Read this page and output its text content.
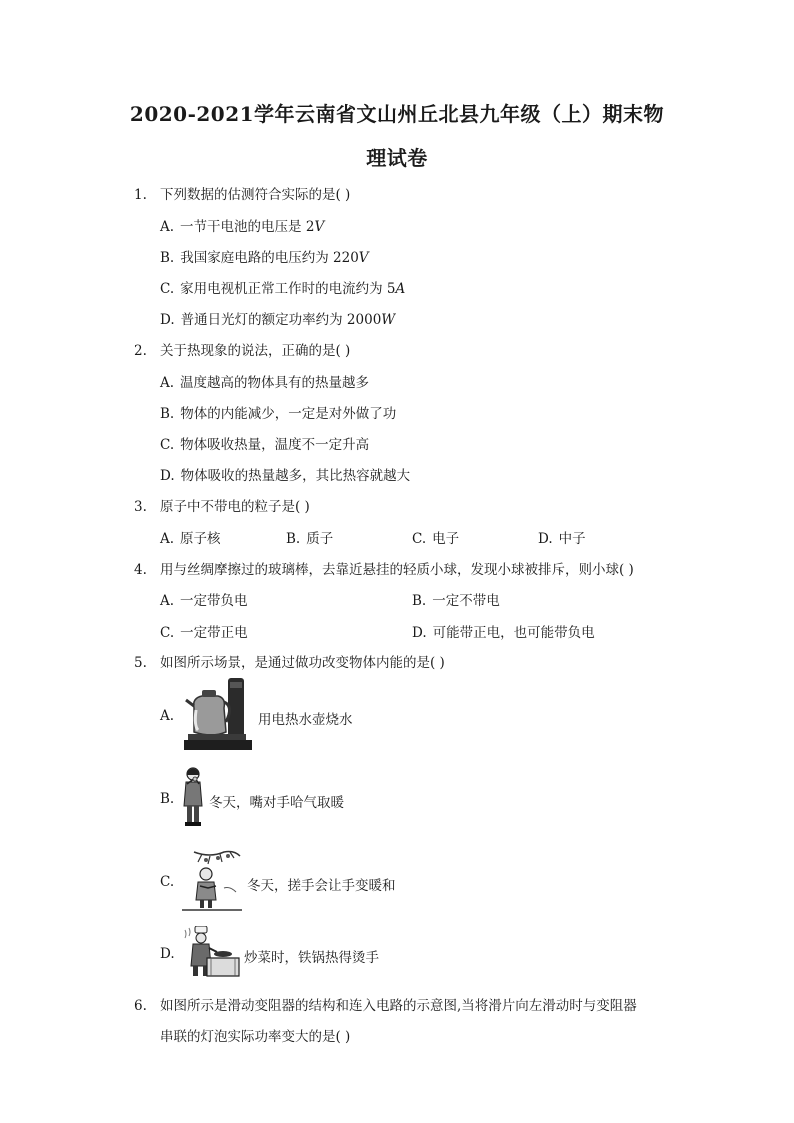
2020-2021学年云南省文山州丘北县九年级（上）期末物
理试卷
1. 下列数据的估测符合实际的是( )
A. 一节干电池的电压是 2V
B. 我国家庭电路的电压约为 220V
C. 家用电视机正常工作时的电流约为 5A
D. 普通日光灯的额定功率约为 2000W
2. 关于热现象的说法，正确的是( )
A. 温度越高的物体具有的热量越多
B. 物体的内能减少，一定是对外做了功
C. 物体吸收热量，温度不一定升高
D. 物体吸收的热量越多，其比热容就越大
3. 原子中不带电的粒子是( )
A. 原子核	B. 质子	C. 电子	D. 中子
4. 用与丝绸摩擦过的玻璃棒，去靠近悬挂的轻质小球，发现小球被排斥，则小球( )
A. 一定带负电	B. 一定不带电
C. 一定带正电	D. 可能带正电，也可能带负电
5. 如图所示场景，是通过做功改变物体内能的是( )
A.	用电热水壶烧水
B.	冬天，嘴对手哈气取暖
C.	冬天，搓手会让手变暖和
D.	炒菜时，铁锅热得烫手
6. 如图所示是滑动变阻器的结构和连入电路的示意图,当将滑片向左滑动时与变阻器
串联的灯泡实际功率变大的是( )
